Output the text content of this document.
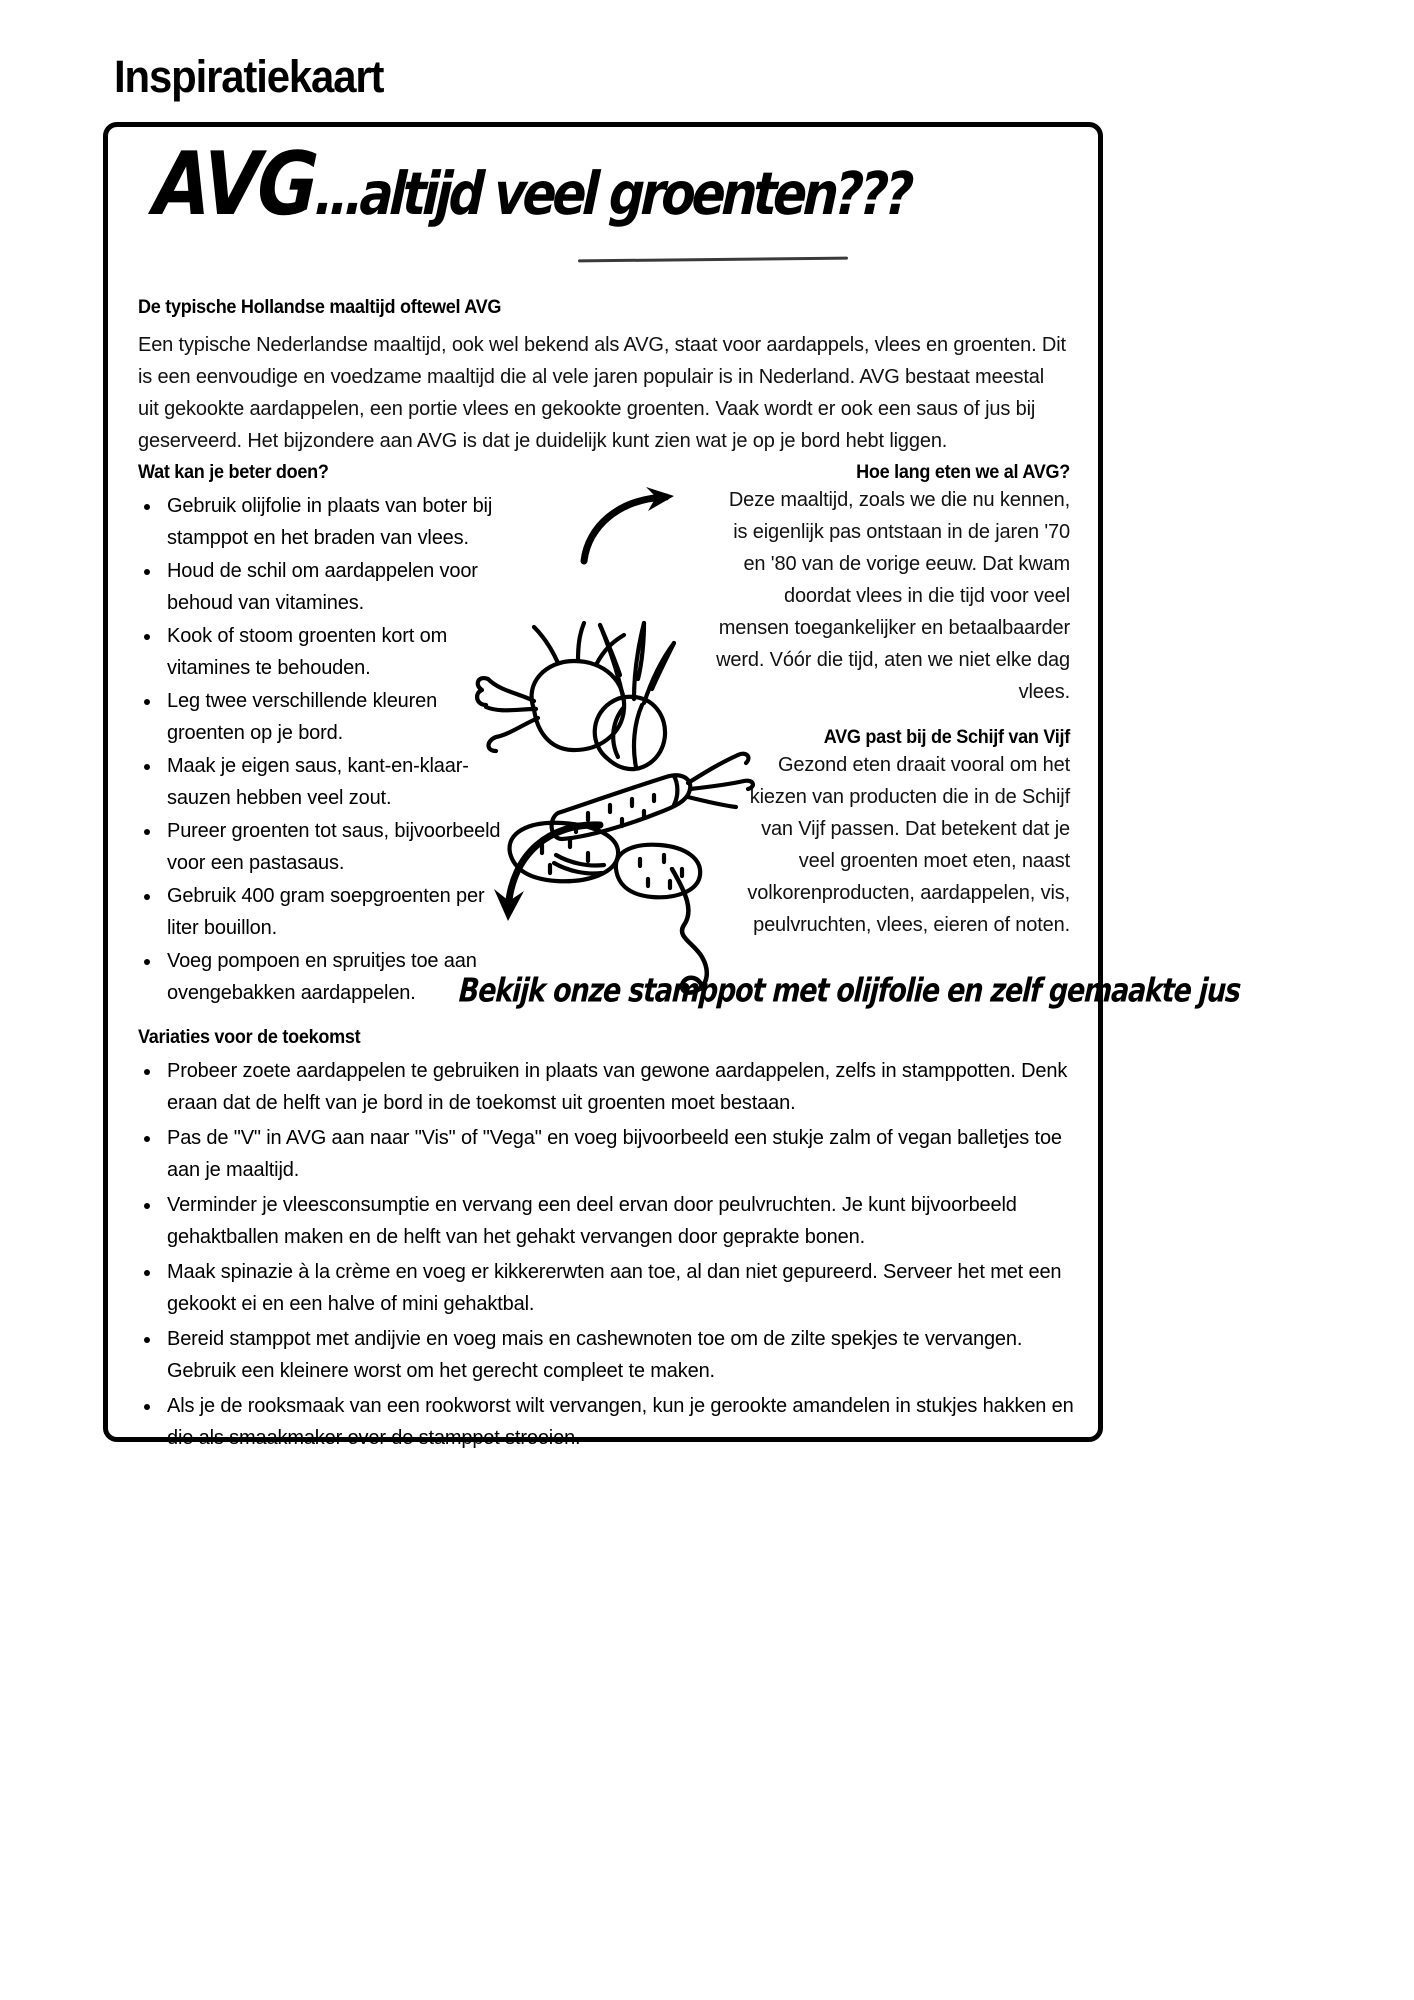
Inspiratiekaart
AVG...altijd veel groenten???
De typische Hollandse maaltijd oftewel AVG
Een typische Nederlandse maaltijd, ook wel bekend als AVG, staat voor aardappels, vlees en groenten. Dit is een eenvoudige en voedzame maaltijd die al vele jaren populair is in Nederland. AVG bestaat meestal uit gekookte aardappelen, een portie vlees en gekookte groenten. Vaak wordt er ook een saus of jus bij geserveerd. Het bijzondere aan AVG is dat je duidelijk kunt zien wat je op je bord hebt liggen.
Wat kan je beter doen?
Gebruik olijfolie in plaats van boter bij stamppot en het braden van vlees.
Houd de schil om aardappelen voor behoud van vitamines.
Kook of stoom groenten kort om vitamines te behouden.
Leg twee verschillende kleuren groenten op je bord.
Maak je eigen saus, kant-en-klaar-sauzen hebben veel zout.
Pureer groenten tot saus, bijvoorbeeld voor een pastasaus.
Gebruik 400 gram soepgroenten per liter bouillon.
Voeg pompoen en spruitjes toe aan ovengebakken aardappelen.
Hoe lang eten we al AVG?
Deze maaltijd, zoals we die nu kennen, is eigenlijk pas ontstaan in de jaren '70 en '80 van de vorige eeuw. Dat kwam doordat vlees in die tijd voor veel mensen toegankelijker en betaalbaarder werd. Vóór die tijd, aten we niet elke dag vlees.
AVG past bij de Schijf van Vijf
Gezond eten draait vooral om het kiezen van producten die in de Schijf van Vijf passen. Dat betekent dat je veel groenten moet eten, naast volkorenproducten, aardappelen, vis, peulvruchten, vlees, eieren of noten.
Bekijk onze stamppot met olijfolie en zelf gemaakte jus
Variaties voor de toekomst
Probeer zoete aardappelen te gebruiken in plaats van gewone aardappelen, zelfs in stamppotten. Denk eraan dat de helft van je bord in de toekomst uit groenten moet bestaan.
Pas de "V" in AVG aan naar "Vis" of "Vega" en voeg bijvoorbeeld een stukje zalm of vegan balletjes toe aan je maaltijd.
Verminder je vleesconsumptie en vervang een deel ervan door peulvruchten. Je kunt bijvoorbeeld gehaktballen maken en de helft van het gehakt vervangen door geprakte bonen.
Maak spinazie à la crème en voeg er kikkererwten aan toe, al dan niet gepureerd. Serveer het met een gekookt ei en een halve of mini gehaktbal.
Bereid stamppot met andijvie en voeg mais en cashewnoten toe om de zilte spekjes te vervangen. Gebruik een kleinere worst om het gerecht compleet te maken.
Als je de rooksmaak van een rookworst wilt vervangen, kun je gerookte amandelen in stukjes hakken en die als smaakmaker over de stamppot strooien.
